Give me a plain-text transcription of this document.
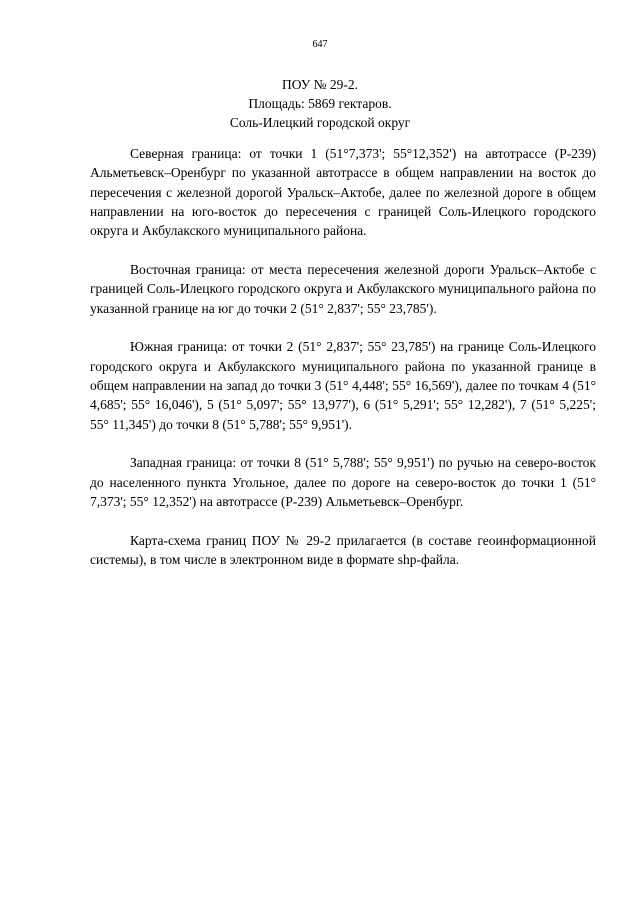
647
ПОУ № 29-2.
Площадь: 5869 гектаров.
Соль-Илецкий городской округ

Северная граница: от точки 1 (51°7,373'; 55°12,352') на автотрассе (Р-239) Альметьевск–Оренбург по указанной автотрассе в общем направлении на восток до пересечения с железной дорогой Уральск–Актобе, далее по железной дороге в общем направлении на юго-восток до пересечения с границей Соль-Илецкого городского округа и Акбулакского муниципального района.

Восточная граница: от места пересечения железной дороги Уральск–Актобе с границей Соль-Илецкого городского округа и Акбулакского муниципального района по указанной границе на юг до точки 2 (51° 2,837'; 55° 23,785').

Южная граница: от точки 2 (51° 2,837'; 55° 23,785') на границе Соль-Илецкого городского округа и Акбулакского муниципального района по указанной границе в общем направлении на запад до точки 3 (51° 4,448'; 55° 16,569'), далее по точкам 4 (51° 4,685'; 55° 16,046'), 5 (51° 5,097'; 55° 13,977'), 6 (51° 5,291'; 55° 12,282'), 7 (51° 5,225'; 55° 11,345') до точки 8 (51° 5,788'; 55° 9,951').

Западная граница: от точки 8 (51° 5,788'; 55° 9,951') по ручью на северо-восток до населенного пункта Угольное, далее по дороге на северо-восток до точки 1 (51° 7,373'; 55° 12,352') на автотрассе (Р-239) Альметьевск–Оренбург.

Карта-схема границ ПОУ № 29-2 прилагается (в составе геоинформационной системы), в том числе в электронном виде в формате shp-файла.
